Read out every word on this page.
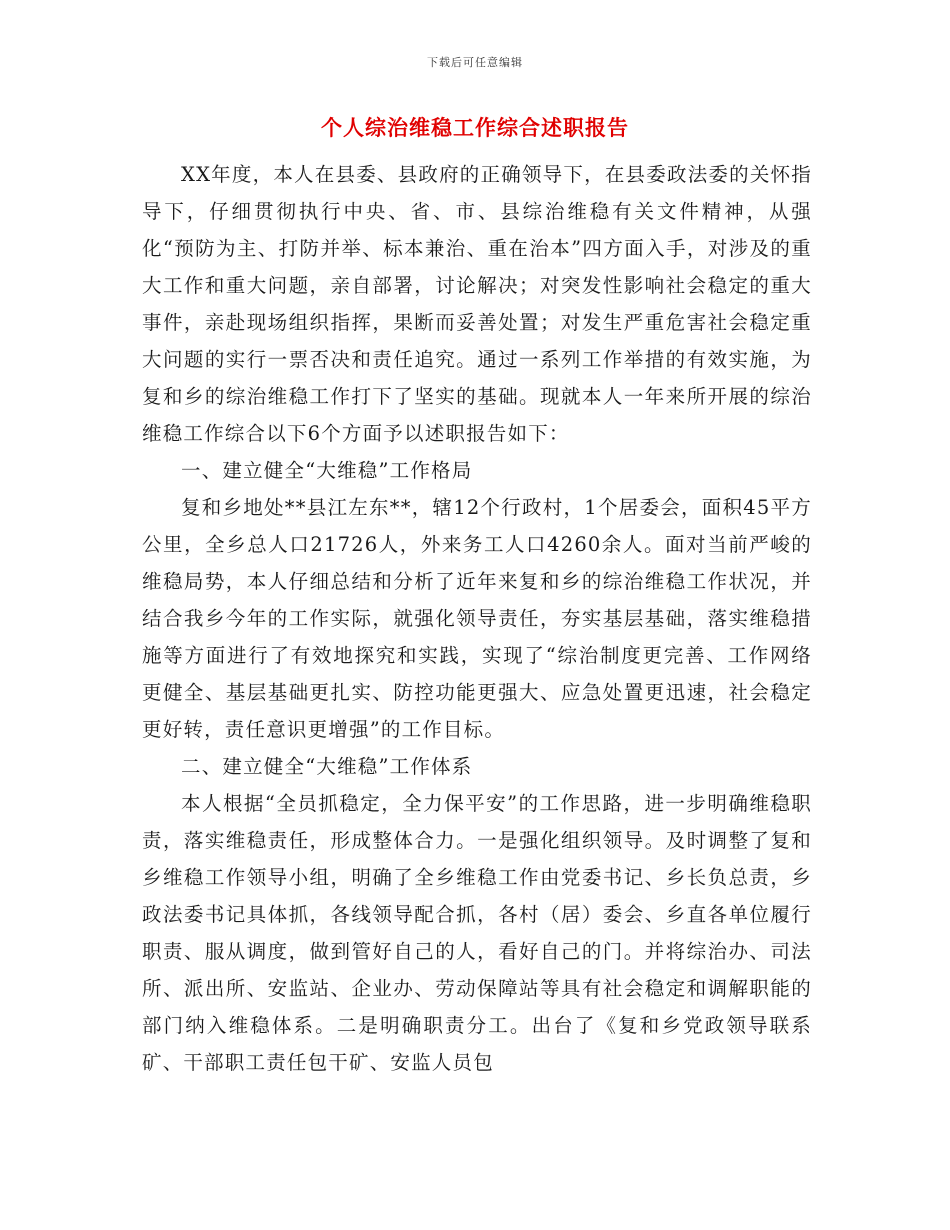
下载后可任意编辑
个人综治维稳工作综合述职报告

XX年度，本人在县委、县政府的正确领导下，在县委政法委的关怀指导下，仔细贯彻执行中央、省、市、县综治维稳有关文件精神，从强化“预防为主、打防并举、标本兼治、重在治本”四方面入手，对涉及的重大工作和重大问题，亲自部署，讨论解决；对突发性影响社会稳定的重大事件，亲赴现场组织指挥，果断而妥善处置；对发生严重危害社会稳定重大问题的实行一票否决和责任追究。通过一系列工作举措的有效实施，为复和乡的综治维稳工作打下了坚实的基础。现就本人一年来所开展的综治维稳工作综合以下6个方面予以述职报告如下：

一、建立健全“大维稳”工作格局

复和乡地处**县江左东**，辖12个行政村，1个居委会，面积45平方公里，全乡总人口21726人，外来务工人口4260余人。面对当前严峻的维稳局势，本人仔细总结和分析了近年来复和乡的综治维稳工作状况，并结合我乡今年的工作实际，就强化领导责任，夯实基层基础，落实维稳措施等方面进行了有效地探究和实践，实现了“综治制度更完善、工作网络更健全、基层基础更扎实、防控功能更强大、应急处置更迅速，社会稳定更好转，责任意识更增强”的工作目标。

二、建立健全“大维稳”工作体系

本人根据“全员抓稳定，全力保平安”的工作思路，进一步明确维稳职责，落实维稳责任，形成整体合力。一是强化组织领导。及时调整了复和乡维稳工作领导小组，明确了全乡维稳工作由党委书记、乡长负总责，乡政法委书记具体抓，各线领导配合抓，各村（居）委会、乡直各单位履行职责、服从调度，做到管好自己的人，看好自己的门。并将综治办、司法所、派出所、安监站、企业办、劳动保障站等具有社会稳定和调解职能的部门纳入维稳体系。二是明确职责分工。出台了《复和乡党政领导联系矿、干部职工责任包干矿、安监人员包
